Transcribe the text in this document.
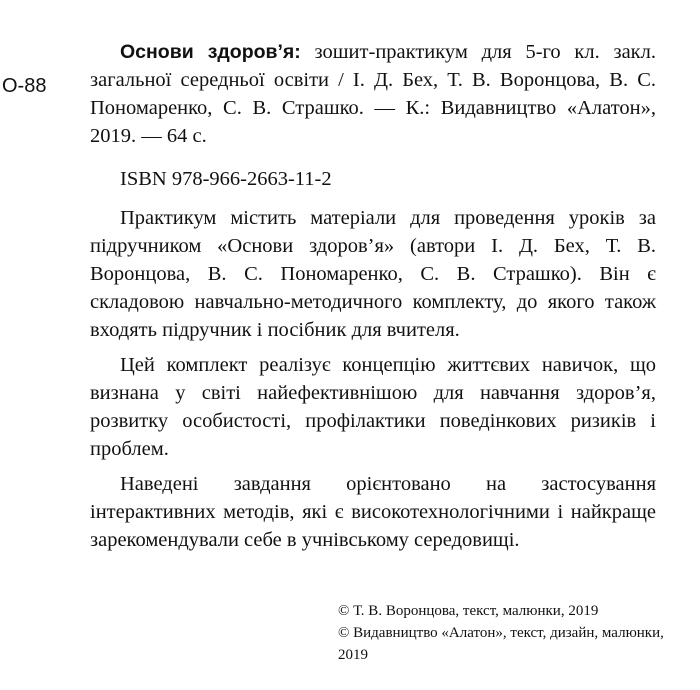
О-88
Основи здоров’я: зошит-практикум для 5-го кл. закл. загальної середньої освіти / І. Д. Бех, Т. В. Воронцова, В. С. Пономаренко, С. В. Страшко. — К.: Видавництво «Алатон», 2019. — 64 с.
ISBN 978-966-2663-11-2

Практикум містить матеріали для проведення уроків за підручником «Основи здоров’я» (автори І. Д. Бех, Т. В. Воронцова, В. С. Пономаренко, С. В. Страшко). Він є складовою навчально-методичного комплекту, до якого також входять підручник і посібник для вчителя.

Цей комплект реалізує концепцію життєвих навичок, що визнана у світі найефективнішою для навчання здоров’я, розвитку особистості, профілактики поведінкових ризиків і проблем.

Наведені завдання орієнтовано на застосування інтерактивних методів, які є високотехнологічними і найкраще зарекомендували себе в учнівському середовищі.

© Т. В. Воронцова, текст, малюнки, 2019
© Видавництво «Алатон», текст, дизайн, малюнки, 2019
